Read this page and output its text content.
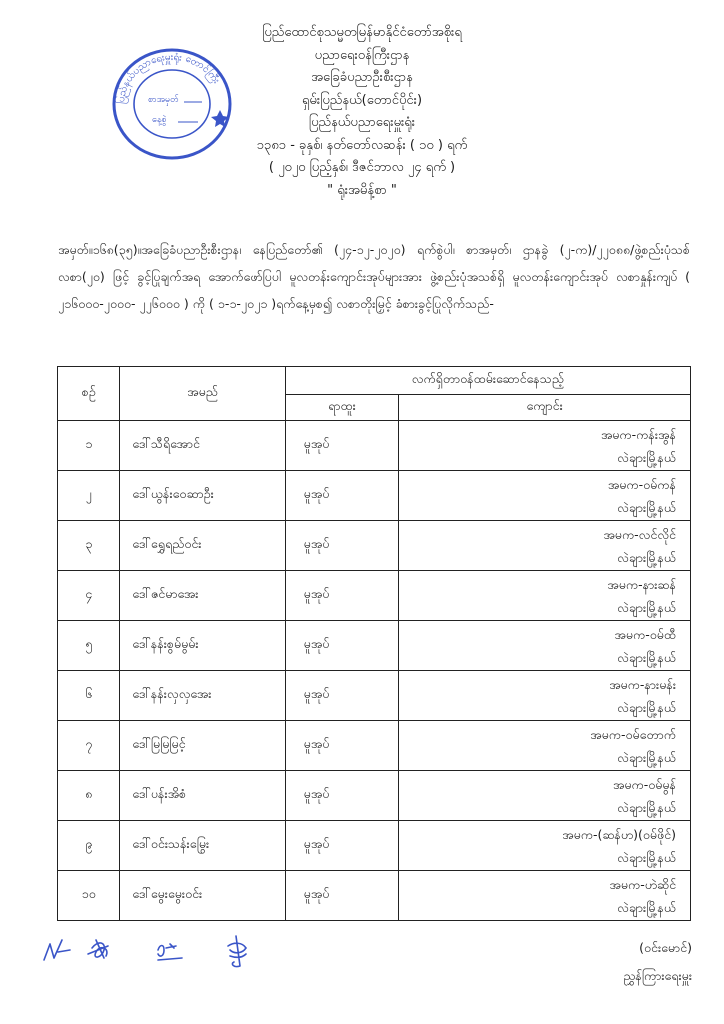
ပြည်ထောင်စုသမ္မတမြန်မာနိုင်ငံတော်အစိုးရ
ပညာရေးဝန်ကြီးဌာန
အခြေခံပညာဦးစီးဌာန
ရှမ်းပြည်နယ်(တောင်ပိုင်း)
ပြည်နယ်ပညာရေးမှူးရုံး
၁၃၈၁ - ခုနှစ်၊ နတ်တော်လဆန်း ( ၁၀ ) ရက်
( ၂၀၂၀ ပြည့်နှစ်၊ ဒီဇင်ဘာလ ၂၄ ရက် )
" ရုံးအမိန့်စာ "
ပြည်နယ်ပညာရေးမှူးရုံး တောင်ကြီး
စာအမှတ်
နေ့စွဲ
အမှတ်။၁၆၈(၃၅)။အခြေခံပညာဦးစီးဌာန၊ နေပြည်တော်၏ (၂၄-၁၂-၂၀၂၀) ရက်စွဲပါ၊ စာအမှတ်၊ ဌာနခွဲ (၂-က)/၂၂၀၈၈/ဖွဲ့စည်းပုံသစ်လစာ(၂၀) ဖြင့် ခွင့်ပြုချက်အရ အောက်ဖော်ပြပါ မူလတန်းကျောင်းအုပ်များအား ဖွဲ့စည်းပုံအသစ်ရှိ မူလတန်းကျောင်းအုပ် လစာနှုန်းကျပ် ( ၂၁၆၀၀၀-၂၀၀၀- ၂၂၆၀၀၀ ) ကို ( ၁-၁-၂၀၂၁ )ရက်နေ့မှစ၍ လစာတိုးမြှင့် ခံစားခွင့်ပြုလိုက်သည်-
စဉ်	အမည်	လက်ရှိတာဝန်ထမ်းဆောင်နေသည့်	
		ရာထူး	ကျောင်း
၁	ဒေါ်သီရိအောင်	မူအုပ်	အမက-ကန်းအွန်
လဲချားမြို့နယ်

၂	ဒေါ်ယွန်းဝေဆာဦး	မူအုပ်	အမက-ဝမ်ကန်
လဲချားမြို့နယ်

၃	ဒေါ်ရွှေရည်ဝင်း	မူအုပ်	အမက-လင်လိုင်
လဲချားမြို့နယ်

၄	ဒေါ်ဇင်မာအေး	မူအုပ်	အမက-နားဆန်
လဲချားမြို့နယ်

၅	ဒေါ်နန်းစွမ်မွမ်း	မူအုပ်	အမက-ဝမ်ထီ
လဲချားမြို့နယ်

၆	ဒေါ်နန်းလှလှအေး	မူအုပ်	အမက-နားမန်း
လဲချားမြို့နယ်

၇	ဒေါ်မြမြမြင့်	မူအုပ်	အမက-ဝမ်တောက်
လဲချားမြို့နယ်

၈	ဒေါ်ပန်းအိစံ	မူအုပ်	အမက-ဝမ်မွန်
လဲချားမြို့နယ်

၉	ဒေါ်ဝင်းသန်းမြွေး	မူအုပ်	အမက-(ဆန်ဟ)(ဝမ်ဖိုင်)
လဲချားမြို့နယ်

၁၀	ဒေါ်မွေးမွေးဝင်း	မူအုပ်	အမက-ဟဲဆိုင်
လဲချားမြို့နယ်
(ဝင်းမောင်)
ညွှန်ကြားရေးမှူး
